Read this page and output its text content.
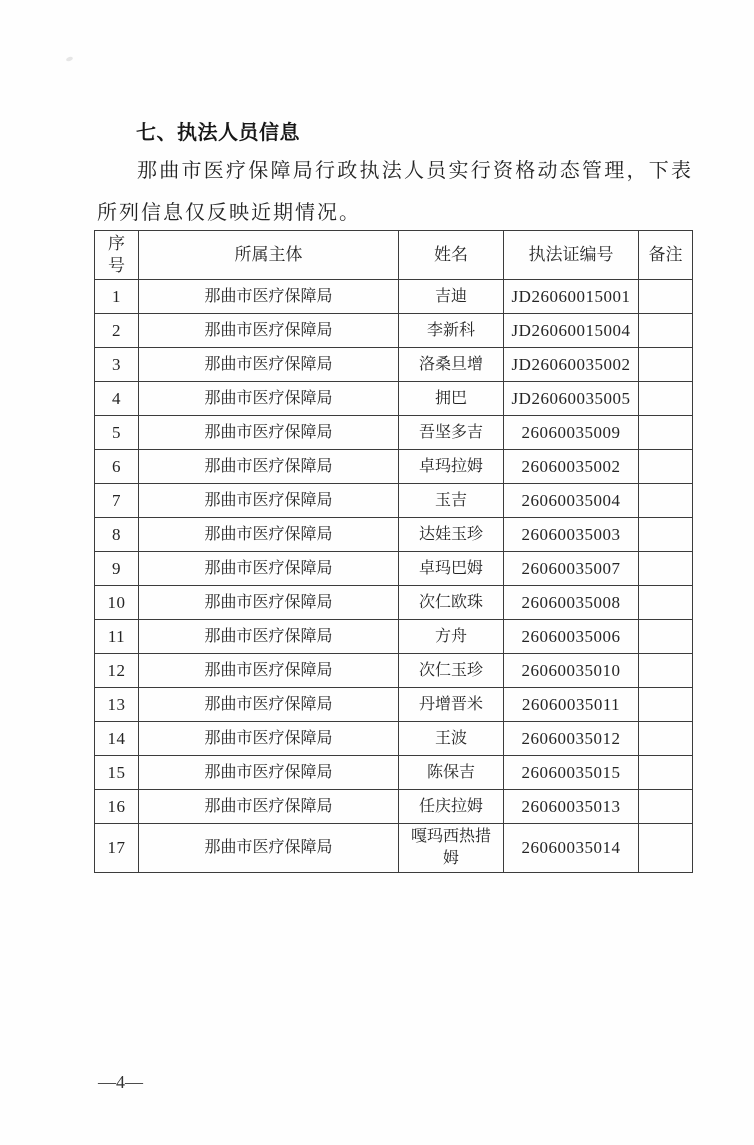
七、执法人员信息
那曲市医疗保障局行政执法人员实行资格动态管理，下表所列信息仅反映近期情况。
序号	所属主体	姓名	执法证编号	备注
1	那曲市医疗保障局	吉迪	JD26060015001	
2	那曲市医疗保障局	李新科	JD26060015004	
3	那曲市医疗保障局	洛桑旦增	JD26060035002	
4	那曲市医疗保障局	拥巴	JD26060035005	
5	那曲市医疗保障局	吾坚多吉	26060035009	
6	那曲市医疗保障局	卓玛拉姆	26060035002	
7	那曲市医疗保障局	玉吉	26060035004	
8	那曲市医疗保障局	达娃玉珍	26060035003	
9	那曲市医疗保障局	卓玛巴姆	26060035007	
10	那曲市医疗保障局	次仁欧珠	26060035008	
11	那曲市医疗保障局	方舟	26060035006	
12	那曲市医疗保障局	次仁玉珍	26060035010	
13	那曲市医疗保障局	丹增晋米	26060035011	
14	那曲市医疗保障局	王波	26060035012	
15	那曲市医疗保障局	陈保吉	26060035015	
16	那曲市医疗保障局	任庆拉姆	26060035013	
17	那曲市医疗保障局	嘎玛西热措姆	26060035014	
—4—
